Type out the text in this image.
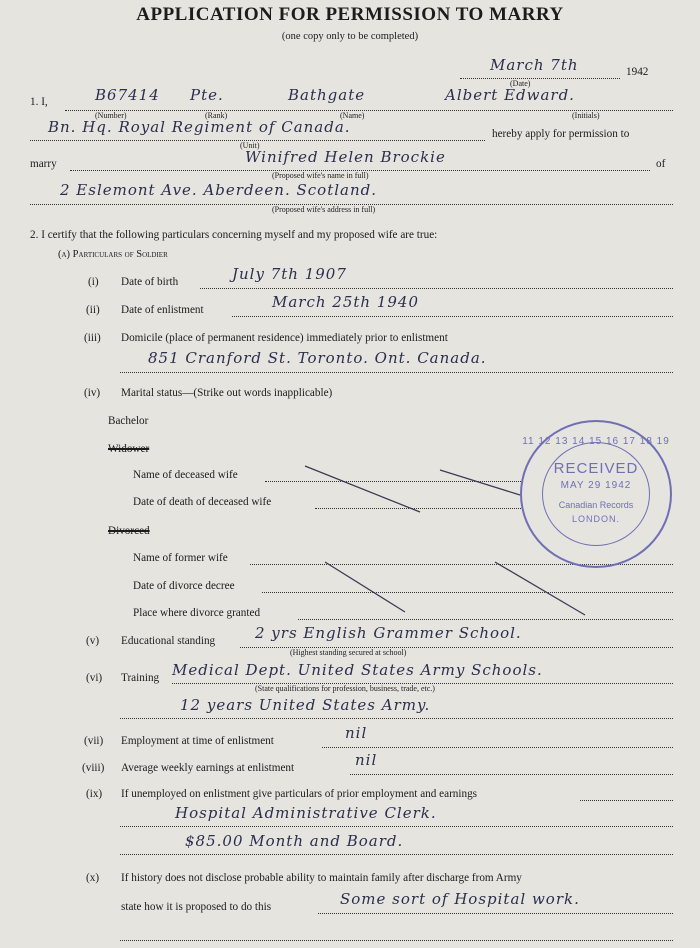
APPLICATION FOR PERMISSION TO MARRY
(one copy only to be completed)
March 7th	1942
(Date)
1. I,	B67414 Pte.	Bathgate	Albert Edward.
(Number)	(Rank)	(Name)	(Initials)
Bn. Hq. Royal Regiment of Canada.
(Unit)
hereby apply for permission to
marry	Winifred Helen Brockie
(Proposed wife's name in full)
of
2 Eslemont Ave. Aberdeen. Scotland.
(Proposed wife's address in full)
2. I certify that the following particulars concerning myself and my proposed wife are true:
(a) Particulars of Soldier
(i) Date of birth	July 7th 1907
(ii) Date of enlistment	March 25th 1940
(iii) Domicile (place of permanent residence) immediately prior to enlistment
851 Cranford St. Toronto. Ont. Canada.
(iv) Marital status—(Strike out words inapplicable)
Bachelor
Widower
Name of deceased wife
Date of death of deceased wife
Divorced
Name of former wife
Date of divorce decree
Place where divorce granted
(v) Educational standing	2 yrs English Grammer School.
(Highest standing secured at school)
(vi) Training Medical Dept. United States Army Schools.
(State qualifications for profession, business, trade, etc.)
12 years United States Army.
(vii) Employment at time of enlistment	nil
(viii) Average weekly earnings at enlistment	nil
(ix) If unemployed on enlistment give particulars of prior employment and earnings
Hospital Administrative Clerk.
$85.00 Month and Board.
(x) If history does not disclose probable ability to maintain family after discharge from Army
state how it is proposed to do this	Some sort of Hospital work.
11 12 13 14 15 16 17 18 19
RECEIVED
MAY 29 1942
Canadian Records
LONDON.
